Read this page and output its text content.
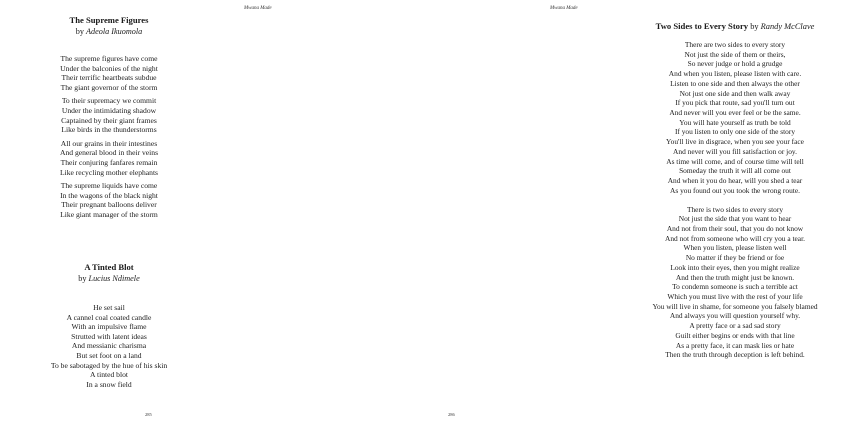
Mwana Made
The Supreme Figures
by Adeola Ikuomola
The supreme figures have come
Under the balconies of the night
Their terrific heartbeats subdue
The giant governor of the storm
To their supremacy we commit
Under the intimidating shadow
Captained by their giant frames
Like birds in the thunderstorms
All our grains in their intestines
And general blood in their veins
Their conjuring fanfares remain
Like recycling mother elephants
The supreme liquids have come
In the wagons of the black night
Their pregnant balloons deliver
Like giant manager of the storm
A Tinted Blot
by Lucius Ndimele
He set sail
A cannel coal coated candle
With an impulsive flame
Strutted with latent ideas
And messianic charisma
But set foot on a land
To be sabotaged by the hue of his skin
A tinted blot
In a snow field
285
Mwana Made
Two Sides to Every Story by Randy McClave
There are two sides to every story
Not just the side of them or theirs,
So never judge or hold a grudge
And when you listen, please listen with care.
Listen to one side and then always the other
Not just one side and then walk away
If you pick that route, sad you'll turn out
And never will you ever feel or be the same.
You will hate yourself as truth be told
If you listen to only one side of the story
You'll live in disgrace, when you see your face
And never will you fill satisfaction or joy.
As time will come, and of course time will tell
Someday the truth it will all come out
And when it you do hear, will you shed a tear
As you found out you took the wrong route.
There is two sides to every story
Not just the side that you want to hear
And not from their soul, that you do not know
And not from someone who will cry you a tear.
When you listen, please listen well
No matter if they be friend or foe
Look into their eyes, then you might realize
And then the truth might just be known.
To condemn someone is such a terrible act
Which you must live with the rest of your life
You will live in shame, for someone you falsely blamed
And always you will question yourself why.
A pretty face or a sad sad story
Guilt either begins or ends with that line
As a pretty face, it can mask lies or hate
Then the truth through deception is left behind.
286
